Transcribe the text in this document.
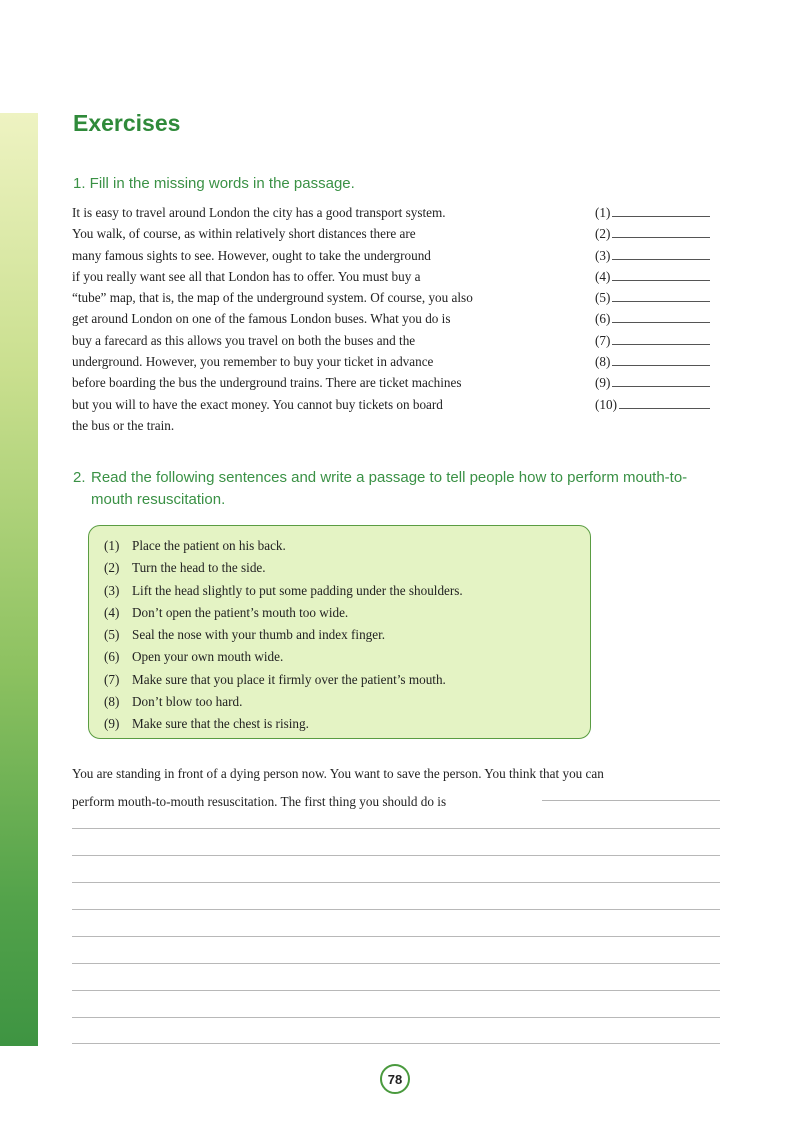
Exercises
1. Fill in the missing words in the passage.
It is easy to travel around London the city has a good transport system.
You walk, of course, as within relatively short distances there are
many famous sights to see. However, ought to take the underground
if you really want see all that London has to offer. You must buy a
“tube” map, that is, the map of the underground system. Of course, you also
get around London on one of the famous London buses. What you do is
buy a farecard as this allows you travel on both the buses and the
underground. However, you remember to buy your ticket in advance
before boarding the bus the underground trains. There are ticket machines
but you will to have the exact money. You cannot buy tickets on board
the bus or the train.
(1)
(2)
(3)
(4)
(5)
(6)
(7)
(8)
(9)
(10)
2. Read the following sentences and write a passage to tell people how to perform mouth-to-
mouth resuscitation.
(1) Place the patient on his back.
(2) Turn the head to the side.
(3) Lift the head slightly to put some padding under the shoulders.
(4) Don’t open the patient’s mouth too wide.
(5) Seal the nose with your thumb and index finger.
(6) Open your own mouth wide.
(7) Make sure that you place it firmly over the patient’s mouth.
(8) Don’t blow too hard.
(9) Make sure that the chest is rising.
You are standing in front of a dying person now. You want to save the person. You think that you can
perform mouth-to-mouth resuscitation. The first thing you should do is
78
